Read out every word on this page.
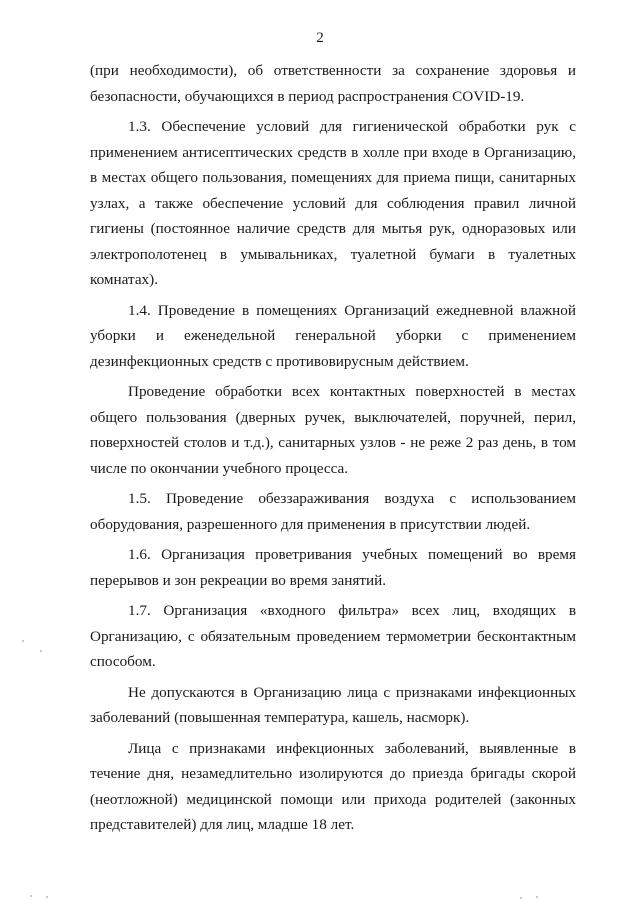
2

(при необходимости), об ответственности за сохранение здоровья и безопасности, обучающихся в период распространения COVID-19.

1.3. Обеспечение условий для гигиенической обработки рук с применением антисептических средств в холле при входе в Организацию, в местах общего пользования, помещениях для приема пищи, санитарных узлах, а также обеспечение условий для соблюдения правил личной гигиены (постоянное наличие средств для мытья рук, одноразовых или электрополотенец в умывальниках, туалетной бумаги в туалетных комнатах).

1.4. Проведение в помещениях Организаций ежедневной влажной уборки и еженедельной генеральной уборки с применением дезинфекционных средств с противовирусным действием.

Проведение обработки всех контактных поверхностей в местах общего пользования (дверных ручек, выключателей, поручней, перил, поверхностей столов и т.д.), санитарных узлов - не реже 2 раз день, в том числе по окончании учебного процесса.

1.5. Проведение обеззараживания воздуха с использованием оборудования, разрешенного для применения в присутствии людей.

1.6. Организация проветривания учебных помещений во время перерывов и зон рекреации во время занятий.

1.7. Организация «входного фильтра» всех лиц, входящих в Организацию, с обязательным проведением термометрии бесконтактным способом.

Не допускаются в Организацию лица с признаками инфекционных заболеваний (повышенная температура, кашель, насморк).

Лица с признаками инфекционных заболеваний, выявленные в течение дня, незамедлительно изолируются до приезда бригады скорой (неотложной) медицинской помощи или прихода родителей (законных представителей) для лиц, младше 18 лет.
